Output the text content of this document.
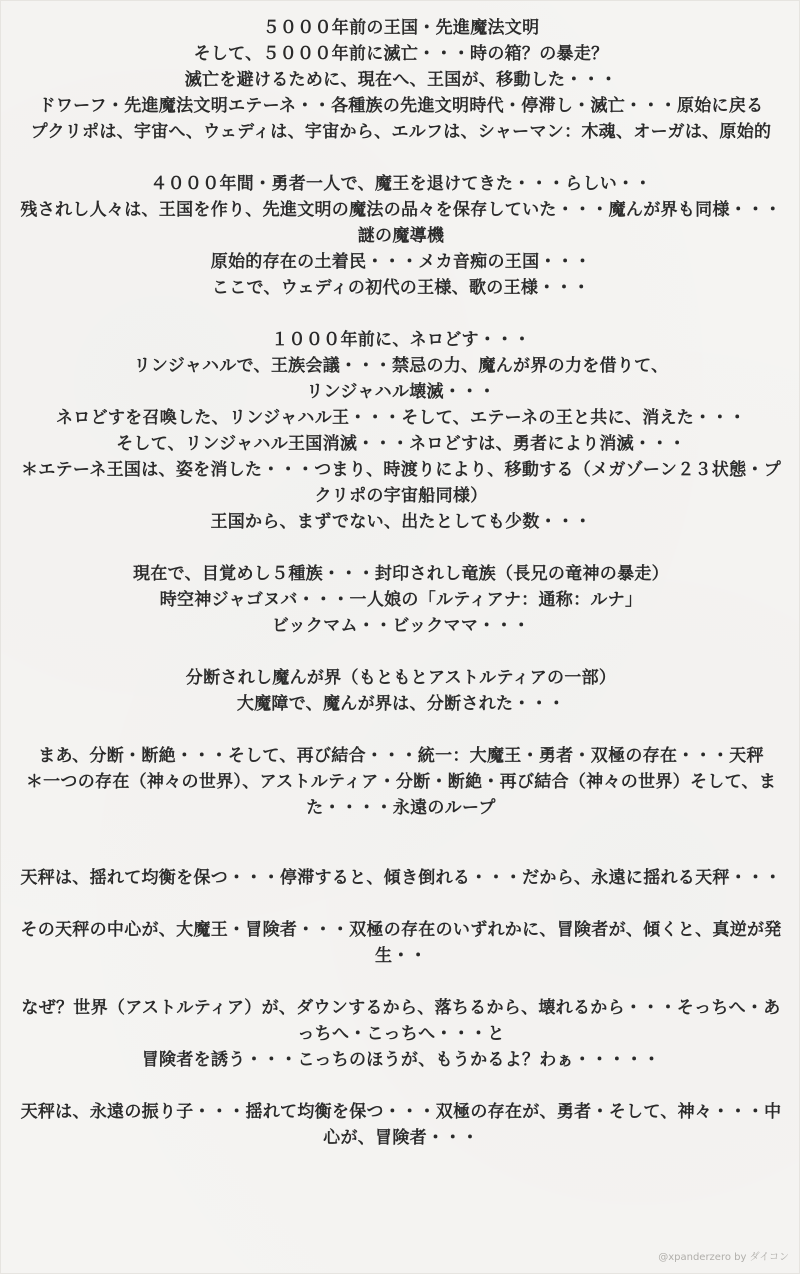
５０００年前の王国・先進魔法文明
そして、５０００年前に滅亡・・・時の箱？の暴走？
滅亡を避けるために、現在へ、王国が、移動した・・・
ドワーフ・先進魔法文明エテーネ・・各種族の先進文明時代・停滞し・滅亡・・・原始に戻る
プクリポは、宇宙へ、ウェディは、宇宙から、エルフは、シャーマン：木魂、オーガは、原始的
４０００年間・勇者一人で、魔王を退けてきた・・・らしい・・
残されし人々は、王国を作り、先進文明の魔法の品々を保存していた・・・魔んが界も同様・・・謎の魔導機
原始的存在の土着民・・・メカ音痴の王国・・・
ここで、ウェディの初代の王様、歌の王様・・・
１０００年前に、ネロどす・・・
リンジャハルで、王族会議・・・禁忌の力、魔んが界の力を借りて、
リンジャハル壊滅・・・
ネロどすを召喚した、リンジャハル王・・・そして、エテーネの王と共に、消えた・・・
そして、リンジャハル王国消滅・・・ネロどすは、勇者により消滅・・・
＊エテーネ王国は、姿を消した・・・つまり、時渡りにより、移動する（メガゾーン２３状態・プクリポの宇宙船同様）
王国から、まずでない、出たとしても少数・・・
現在で、目覚めし５種族・・・封印されし竜族（長兄の竜神の暴走）
時空神ジャゴヌバ・・・一人娘の「ルティアナ：通称：ルナ」
ビックマム・・ビックママ・・・
分断されし魔んが界（もともとアストルティアの一部）
大魔障で、魔んが界は、分断された・・・
まあ、分断・断絶・・・そして、再び結合・・・統一：大魔王・勇者・双極の存在・・・天秤
＊一つの存在（神々の世界）、アストルティア・分断・断絶・再び結合（神々の世界）そして、また・・・・永遠のループ
天秤は、揺れて均衡を保つ・・・停滞すると、傾き倒れる・・・だから、永遠に揺れる天秤・・・
その天秤の中心が、大魔王・冒険者・・・双極の存在のいずれかに、冒険者が、傾くと、真逆が発生・・
なぜ？世界（アストルティア）が、ダウンするから、落ちるから、壊れるから・・・そっちへ・あっちへ・こっちへ・・・と
冒険者を誘う・・・こっちのほうが、もうかるよ？わぁ・・・・・
天秤は、永遠の振り子・・・揺れて均衡を保つ・・・双極の存在が、勇者・そして、神々・・・中心が、冒険者・・・
@xpanderzero by ダイコン
